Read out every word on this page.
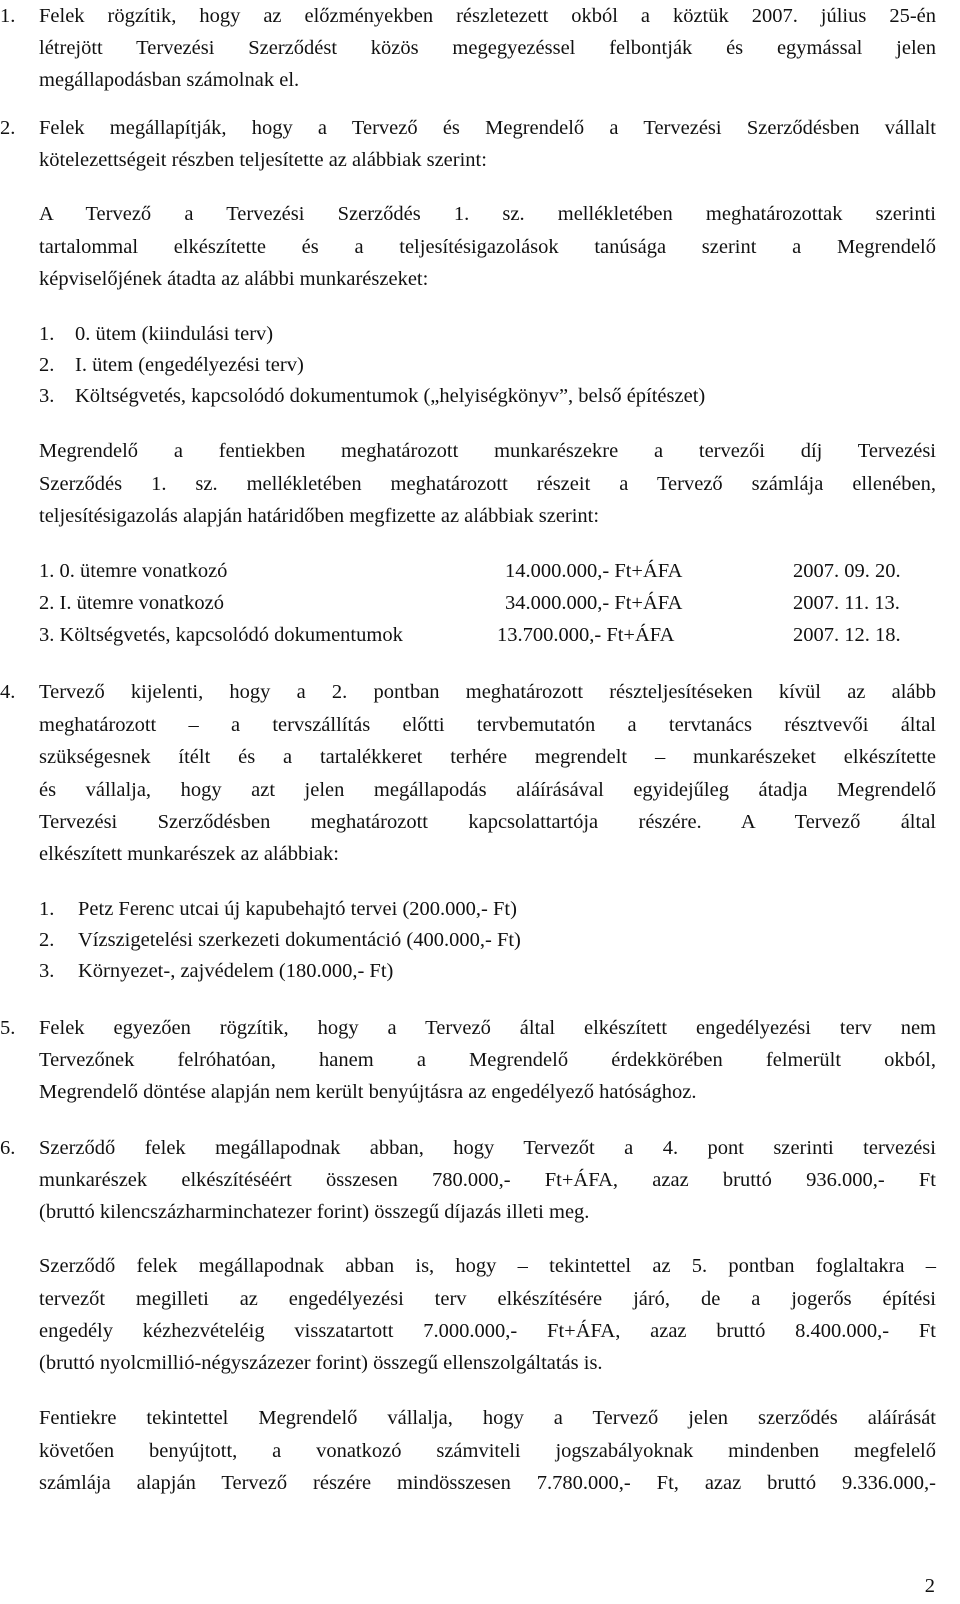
1. Felek rögzítik, hogy az előzményekben részletezett okból a köztük 2007. július 25-én
létrejött Tervezési Szerződést közös megegyezéssel felbontják és egymással jelen
megállapodásban számolnak el.
2. Felek megállapítják, hogy a Tervező és Megrendelő a Tervezési Szerződésben vállalt
kötelezettségeit részben teljesítette az alábbiak szerint:
A Tervező a Tervezési Szerződés 1. sz. mellékletében meghatározottak szerinti
tartalommal elkészítette és a teljesítésigazolások tanúsága szerint a Megrendelő
képviselőjének átadta az alábbi munkarészeket:
1. 0. ütem (kiindulási terv)
2. I. ütem (engedélyezési terv)
3. Költségvetés, kapcsolódó dokumentumok („helyiségkönyv”, belső építészet)
Megrendelő a fentiekben meghatározott munkarészekre a tervezői díj Tervezési
Szerződés 1. sz. mellékletében meghatározott részeit a Tervező számlája ellenében,
teljesítésigazolás alapján határidőben megfizette az alábbiak szerint:
1. 0. ütemre vonatkozó	14.000.000,- Ft+ÁFA	2007. 09. 20.
2. I. ütemre vonatkozó	34.000.000,- Ft+ÁFA	2007. 11. 13.
3. Költségvetés, kapcsolódó dokumentumok	13.700.000,- Ft+ÁFA	2007. 12. 18.
4. Tervező kijelenti, hogy a 2. pontban meghatározott részteljesítéseken kívül az alább
meghatározott – a tervszállítás előtti tervbemutatón a tervtanács résztvevői által
szükségesnek ítélt és a tartalékkeret terhére megrendelt – munkarészeket elkészítette
és vállalja, hogy azt jelen megállapodás aláírásával egyidejűleg átadja Megrendelő
Tervezési Szerződésben meghatározott kapcsolattartója részére. A Tervező által
elkészített munkarészek az alábbiak:
1. Petz Ferenc utcai új kapubehajtó tervei (200.000,- Ft)
2. Vízszigetelési szerkezeti dokumentáció (400.000,- Ft)
3. Környezet-, zajvédelem (180.000,- Ft)
5. Felek egyezően rögzítik, hogy a Tervező által elkészített engedélyezési terv nem
Tervezőnek felróhatóan, hanem a Megrendelő érdekkörében felmerült okból,
Megrendelő döntése alapján nem került benyújtásra az engedélyező hatósághoz.
6. Szerződő felek megállapodnak abban, hogy Tervezőt a 4. pont szerinti tervezési
munkarészek elkészítéséért összesen 780.000,- Ft+ÁFA, azaz bruttó 936.000,- Ft
(bruttó kilencszázharminchatezer forint) összegű díjazás illeti meg.
Szerződő felek megállapodnak abban is, hogy – tekintettel az 5. pontban foglaltakra –
tervezőt megilleti az engedélyezési terv elkészítésére járó, de a jogerős építési
engedély kézhezvételéig visszatartott 7.000.000,- Ft+ÁFA, azaz bruttó 8.400.000,- Ft
(bruttó nyolcmillió-négyszázezer forint) összegű ellenszolgáltatás is.
Fentiekre tekintettel Megrendelő vállalja, hogy a Tervező jelen szerződés aláírását
követően benyújtott, a vonatkozó számviteli jogszabályoknak mindenben megfelelő
számlája alapján Tervező részére mindösszesen 7.780.000,- Ft, azaz bruttó 9.336.000,-
2
